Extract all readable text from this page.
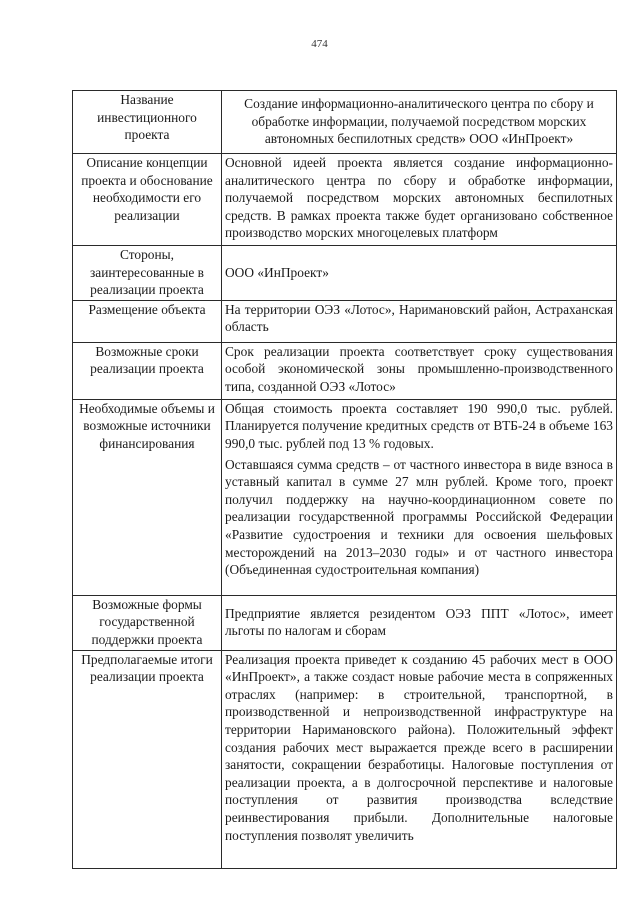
474
Название инвестиционного проекта	Создание информационно-аналитического центра по сбору и обработке информации, получаемой посредством морских автономных беспилотных средств» ООО «ИнПроект»

Описание концепции проекта и обоснование необходимости его реализации	Основной идеей проекта является создание информационно-аналитического центра по сбору и обработке информации, получаемой посредством морских автономных беспилотных средств. В рамках проекта также будет организовано собственное производство морских многоцелевых платформ

Стороны, заинтересованные в реализации проекта	ООО «ИнПроект»

Размещение объекта	На территории ОЭЗ «Лотос», Наримановский район, Астраханская область

Возможные сроки реализации проекта	Срок реализации проекта соответствует сроку существования особой экономической зоны промышленно-производственного типа, созданной ОЭЗ «Лотос»

Необходимые объемы и возможные источники финансирования	Общая стоимость проекта составляет 190 990,0 тыс. рублей. Планируется получение кредитных средств от ВТБ-24 в объеме 163 990,0 тыс. рублей под 13 % годовых.
Оставшаяся сумма средств – от частного инвестора в виде взноса в уставный капитал в сумме 27 млн рублей. Кроме того, проект получил поддержку на научно-координационном совете по реализации государственной программы Российской Федерации «Развитие судостроения и техники для освоения шельфовых месторождений на 2013–2030 годы» и от частного инвестора (Объединенная судостроительная компания)

Возможные формы государственной поддержки проекта	Предприятие является резидентом ОЭЗ ППТ «Лотос», имеет льготы по налогам и сборам

Предполагаемые итоги реализации проекта	Реализация проекта приведет к созданию 45 рабочих мест в ООО «ИнПроект», а также создаст новые рабочие места в сопряженных отраслях (например: в строительной, транспортной, в производственной и непроизводственной инфраструктуре на территории Наримановского района). Положительный эффект создания рабочих мест выражается прежде всего в расширении занятости, сокращении безработицы. Налоговые поступления от реализации проекта, а в долгосрочной перспективе и налоговые поступления от развития производства вследствие реинвестирования прибыли. Дополнительные налоговые поступления позволят увеличить
